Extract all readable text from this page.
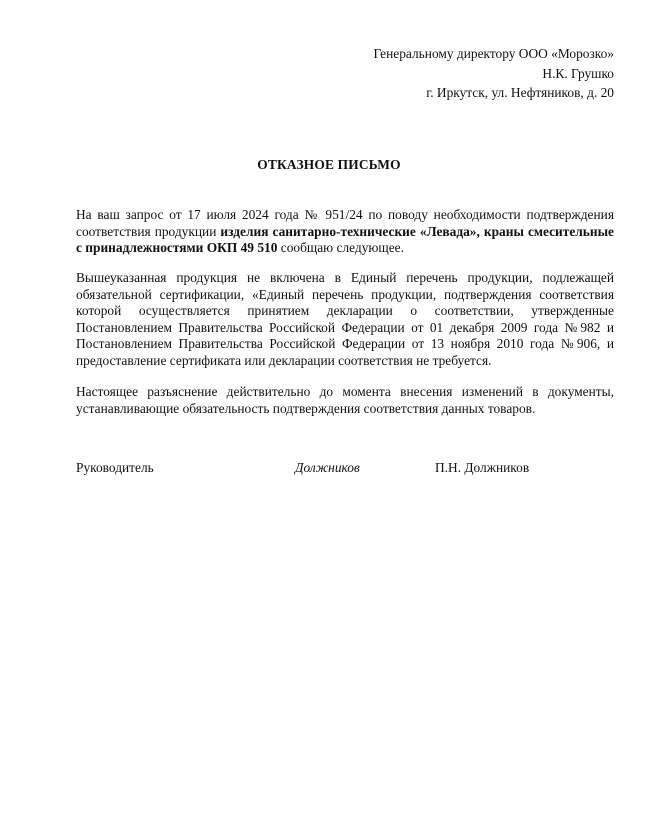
Генеральному директору ООО «Морозко»
Н.К. Грушко
г. Иркутск, ул. Нефтяников, д. 20
ОТКАЗНОЕ ПИСЬМО

На ваш запрос от 17 июля 2024 года № 951/24 по поводу необходимости подтверждения соответствия продукции изделия санитарно-технические «Левада», краны смесительные с принадлежностями ОКП 49 510 сообщаю следующее.

Вышеуказанная продукция не включена в Единый перечень продукции, подлежащей обязательной сертификации, «Единый перечень продукции, подтверждения соответствия которой осуществляется принятием декларации о соответствии, утвержденные Постановлением Правительства Российской Федерации от 01 декабря 2009 года №982 и Постановлением Правительства Российской Федерации от 13 ноября 2010 года №906, и предоставление сертификата или декларации соответствия не требуется.

Настоящее разъяснение действительно до момента внесения изменений в документы, устанавливающие обязательность подтверждения соответствия данных товаров.

Руководитель	Должников	П.Н. Должников
